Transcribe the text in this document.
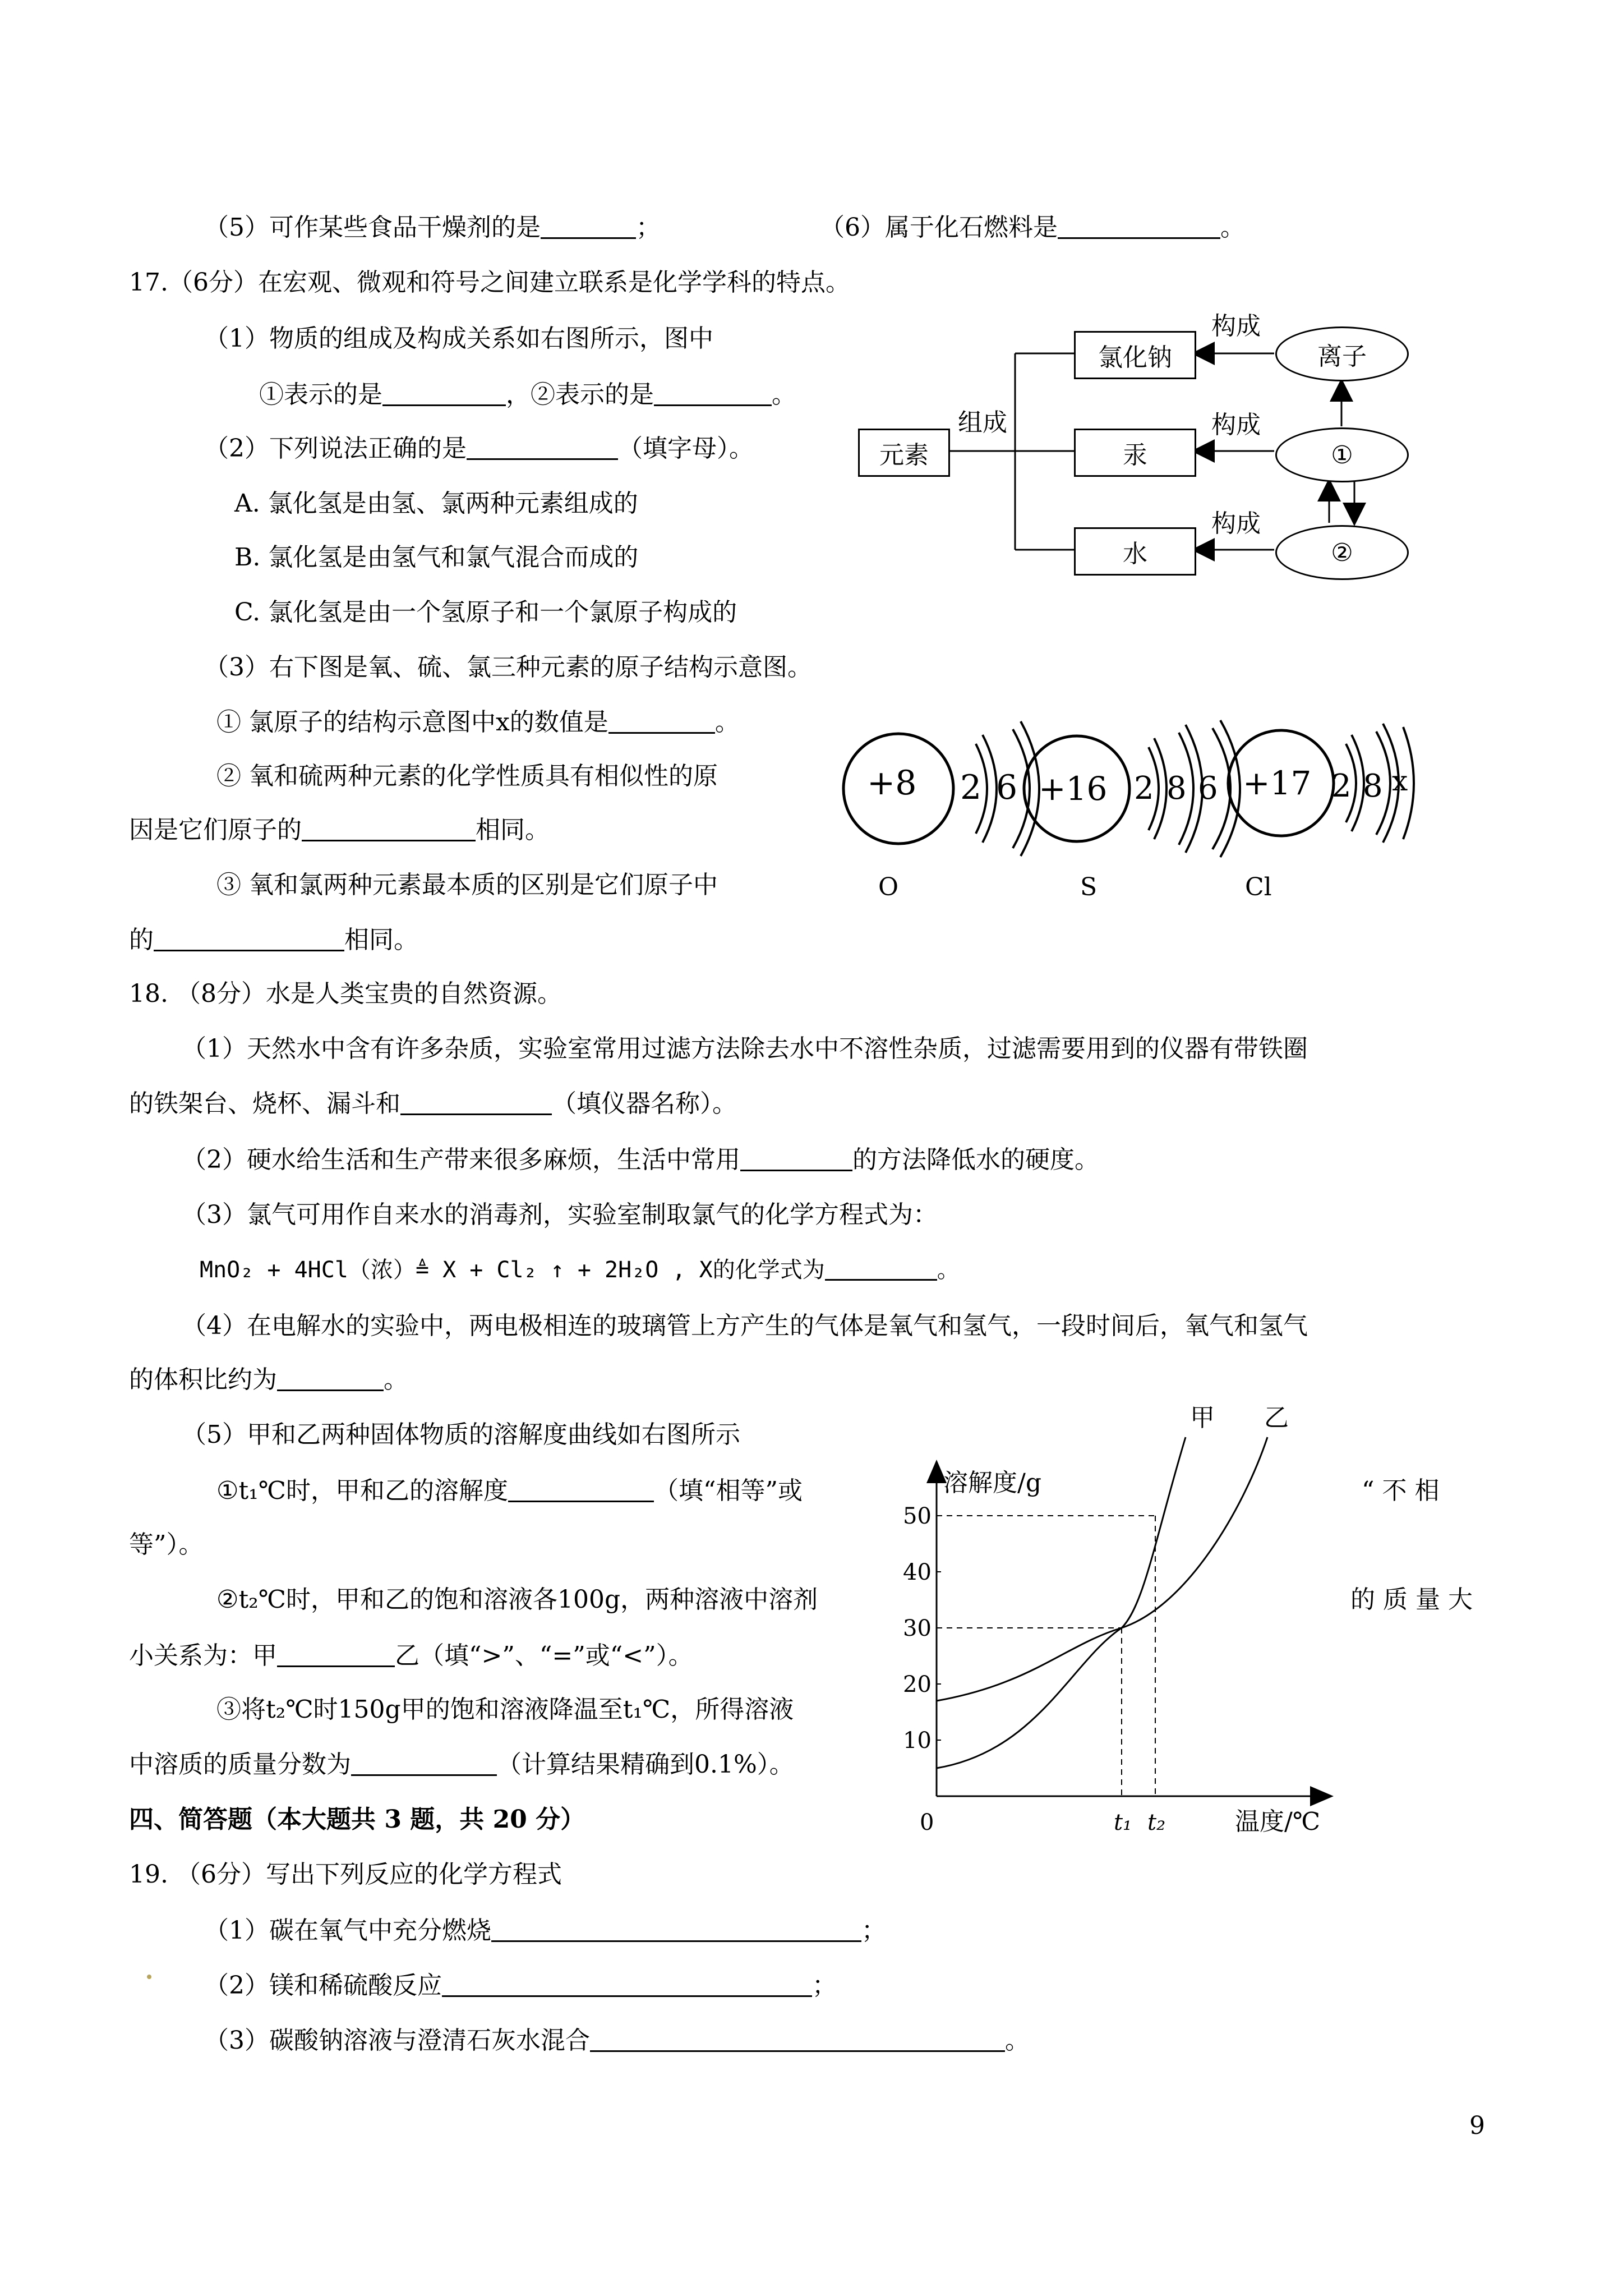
（5）可作某些食品干燥剂的是	；	（6）属于化石燃料是	。
17.（6分）在宏观、微观和符号之间建立联系是化学学科的特点。
（1）物质的组成及构成关系如右图所示，图中
①表示的是	，②表示的是	。
（2）下列说法正确的是	（填字母）。
A. 氯化氢是由氢、氯两种元素组成的
B. 氯化氢是由氢气和氯气混合而成的
C. 氯化氢是由一个氢原子和一个氯原子构成的
（3）右下图是氧、硫、氯三种元素的原子结构示意图。
① 氯原子的结构示意图中x的数值是	。
② 氧和硫两种元素的化学性质具有相似性的原
因是它们原子的	相同。
③ 氧和氯两种元素最本质的区别是它们原子中
的	相同。
元素
组成
氯化钠
汞
水
构成
构成
构成
离子
①
②
+8 2 6
O
+16 2 8 6
S
+17 2 8 x
Cl
18. （8分）水是人类宝贵的自然资源。
（1）天然水中含有许多杂质，实验室常用过滤方法除去水中不溶性杂质，过滤需要用到的仪器有带铁圈
的铁架台、烧杯、漏斗和	（填仪器名称）。
（2）硬水给生活和生产带来很多麻烦，生活中常用	的方法降低水的硬度。
（3）氯气可用作自来水的消毒剂，实验室制取氯气的化学方程式为：
MnO₂ + 4HCl（浓）≜ X + Cl₂ ↑ + 2H₂O , X的化学式为	。
（4）在电解水的实验中，两电极相连的玻璃管上方产生的气体是氧气和氢气，一段时间后，氧气和氢气
的体积比约为	。
（5）甲和乙两种固体物质的溶解度曲线如右图所示
①t₁℃时，甲和乙的溶解度	（填“相等”或	“ 不 相
等”）。
②t₂℃时，甲和乙的饱和溶液各100g，两种溶液中溶剂	的 质 量 大
小关系为：甲	乙（填“>”、“=”或“<”）。
③将t₂℃时150g甲的饱和溶液降温至t₁℃，所得溶液
中溶质的质量分数为	（计算结果精确到0.1%）。
溶解度/g
温度/℃
0
10
20
30
40
50
t₁ t₂
甲 乙
四、简答题（本大题共 3 题，共 20 分）
19. （6分）写出下列反应的化学方程式
（1）碳在氧气中充分燃烧	；
（2）镁和稀硫酸反应	；
（3）碳酸钠溶液与澄清石灰水混合	。
9
